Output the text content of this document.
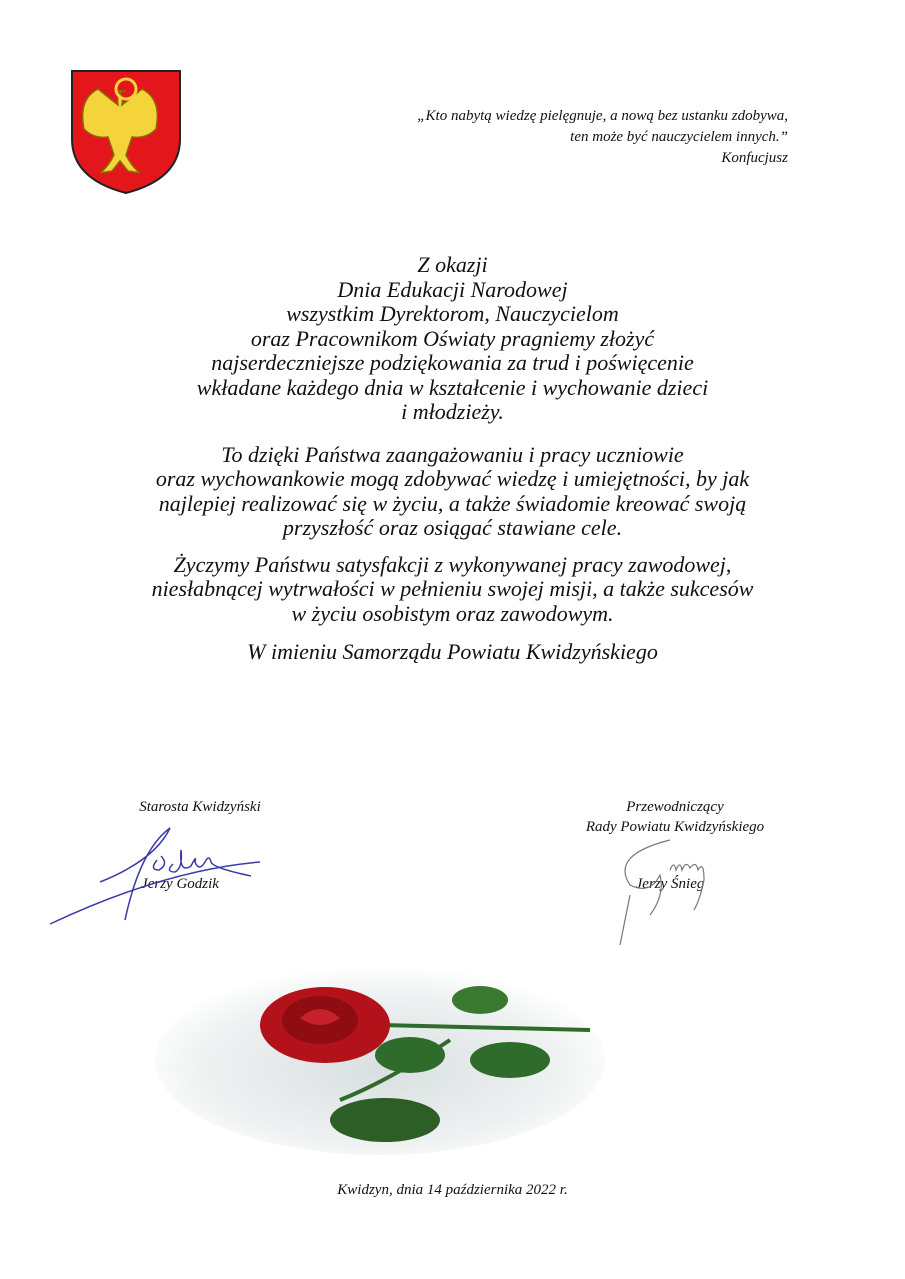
„Kto nabytą wiedzę pielęgnuje, a nową bez ustanku zdobywa,
ten może być nauczycielem innych.”
Konfucjusz
Z okazji
Dnia Edukacji Narodowej
wszystkim Dyrektorom, Nauczycielom
oraz Pracownikom Oświaty pragniemy złożyć
najserdeczniejsze podziękowania za trud i poświęcenie
wkładane każdego dnia w kształcenie i wychowanie dzieci
i młodzieży.
To dzięki Państwa zaangażowaniu i pracy uczniowie
oraz wychowankowie mogą zdobywać wiedzę i umiejętności, by jak
najlepiej realizować się w życiu, a także świadomie kreować swoją
przyszłość oraz osiągać stawiane cele.
Życzymy Państwu satysfakcji z wykonywanej pracy zawodowej,
niesłabnącej wytrwałości w pełnieniu swojej misji, a także sukcesów
w życiu osobistym oraz zawodowym.
W imieniu Samorządu Powiatu Kwidzyńskiego
Starosta Kwidzyński
Jerzy Godzik
Przewodniczący
Rady Powiatu Kwidzyńskiego
Jerzy Śnieg
Kwidzyn, dnia 14 października 2022 r.
